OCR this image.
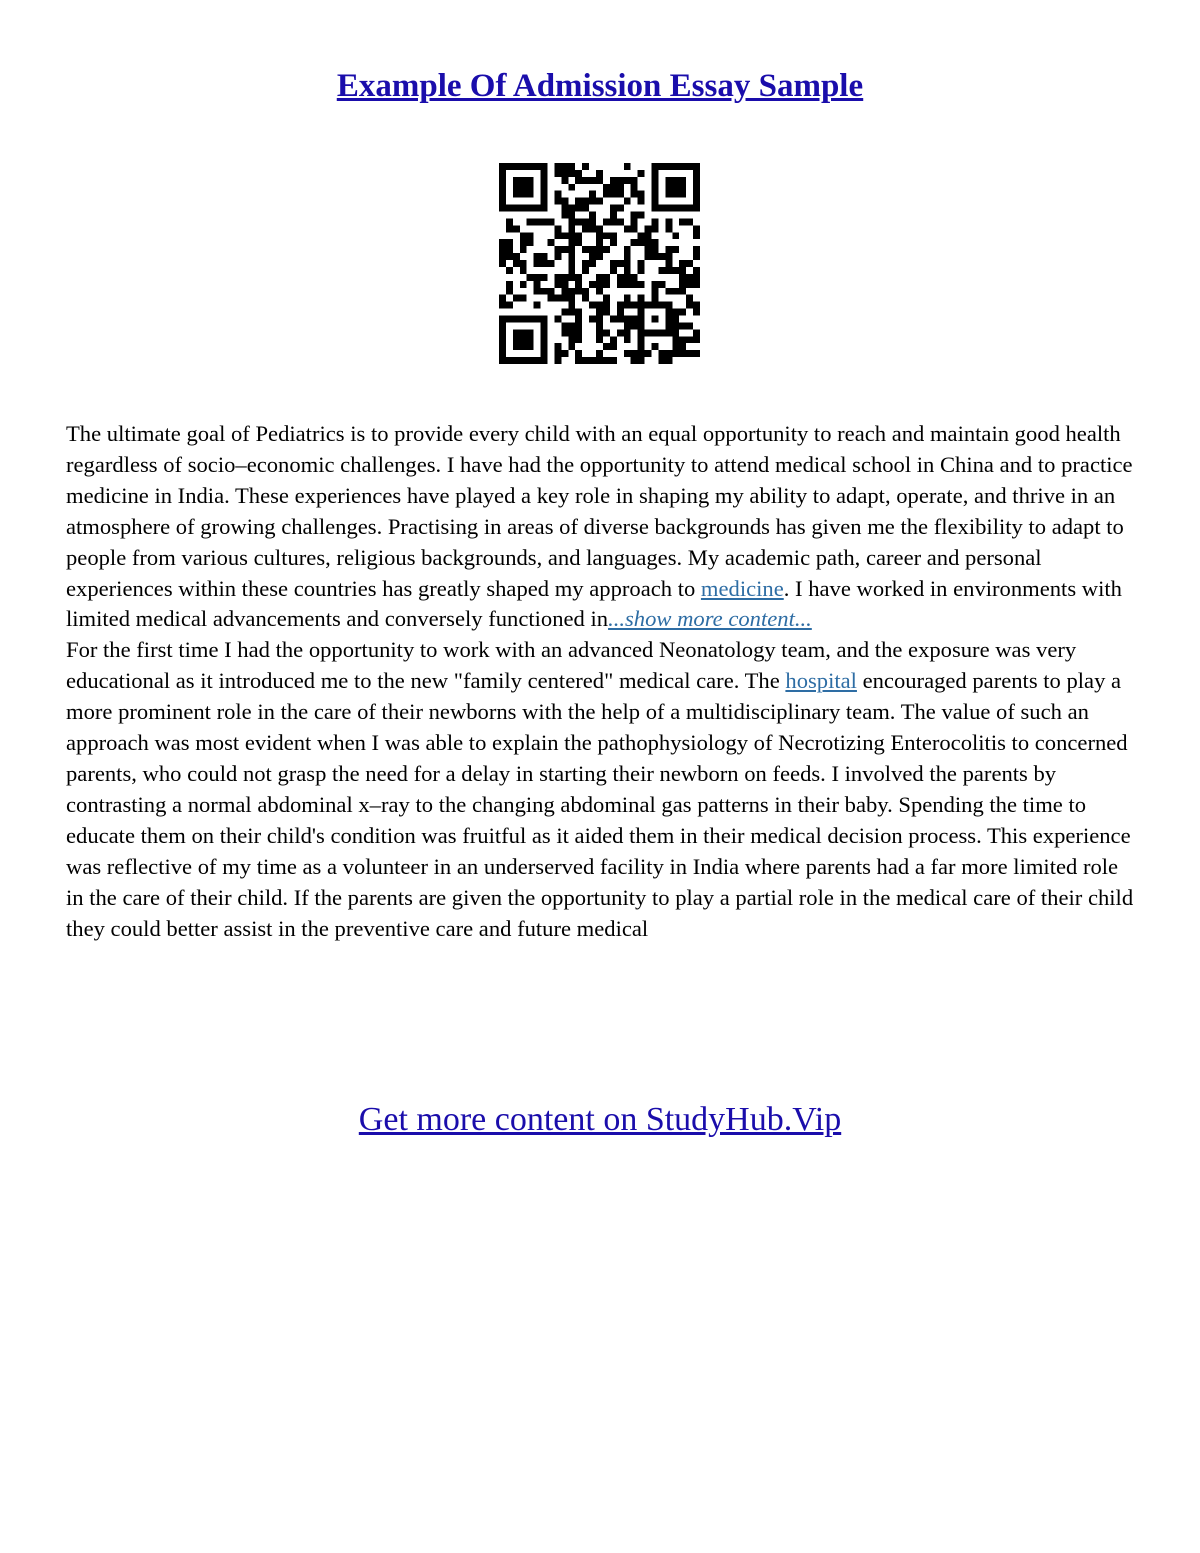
Example Of Admission Essay Sample

The ultimate goal of Pediatrics is to provide every child with an equal opportunity to reach and maintain good health regardless of socio–economic challenges. I have had the opportunity to attend medical school in China and to practice medicine in India. These experiences have played a key role in shaping my ability to adapt, operate, and thrive in an atmosphere of growing challenges. Practising in areas of diverse backgrounds has given me the flexibility to adapt to people from various cultures, religious backgrounds, and languages. My academic path, career and personal experiences within these countries has greatly shaped my approach to medicine. I have worked in environments with limited medical advancements and conversely functioned in...show more content...

For the first time I had the opportunity to work with an advanced Neonatology team, and the exposure was very educational as it introduced me to the new "family centered" medical care. The hospital encouraged parents to play a more prominent role in the care of their newborns with the help of a multidisciplinary team. The value of such an approach was most evident when I was able to explain the pathophysiology of Necrotizing Enterocolitis to concerned parents, who could not grasp the need for a delay in starting their newborn on feeds. I involved the parents by contrasting a normal abdominal x–ray to the changing abdominal gas patterns in their baby. Spending the time to educate them on their child's condition was fruitful as it aided them in their medical decision process. This experience was reflective of my time as a volunteer in an underserved facility in India where parents had a far more limited role in the care of their child. If the parents are given the opportunity to play a partial role in the medical care of their child they could better assist in the preventive care and future medical

Get more content on StudyHub.Vip
